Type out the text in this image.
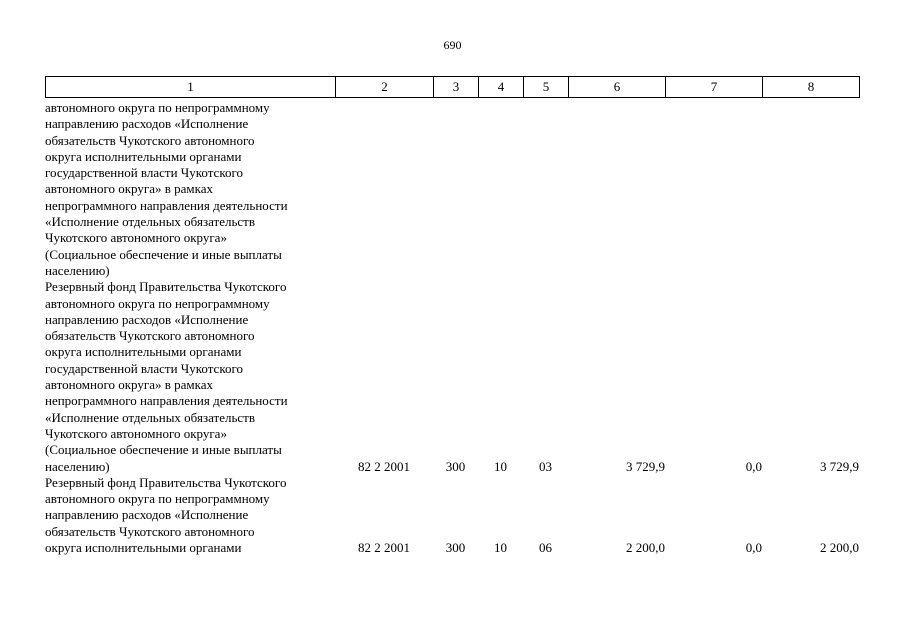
690
1	2	3	4	5	6	7	8
автономного округа по непрограммному
направлению расходов «Исполнение
обязательств Чукотского автономного
округа исполнительными органами
государственной власти Чукотского
автономного округа» в рамках
непрограммного направления деятельности
«Исполнение отдельных обязательств
Чукотского автономного округа»
(Социальное обеспечение и иные выплаты
населению)
Резервный фонд Правительства Чукотского
автономного округа по непрограммному
направлению расходов «Исполнение
обязательств Чукотского автономного
округа исполнительными органами
государственной власти Чукотского
автономного округа» в рамках
непрограммного направления деятельности
«Исполнение отдельных обязательств
Чукотского автономного округа»
(Социальное обеспечение и иные выплаты
населению)	82 2 2001	300	10	03	3 729,9	0,0	3 729,9
Резервный фонд Правительства Чукотского
автономного округа по непрограммному
направлению расходов «Исполнение
обязательств Чукотского автономного
округа исполнительными органами	82 2 2001	300	10	06	2 200,0	0,0	2 200,0
